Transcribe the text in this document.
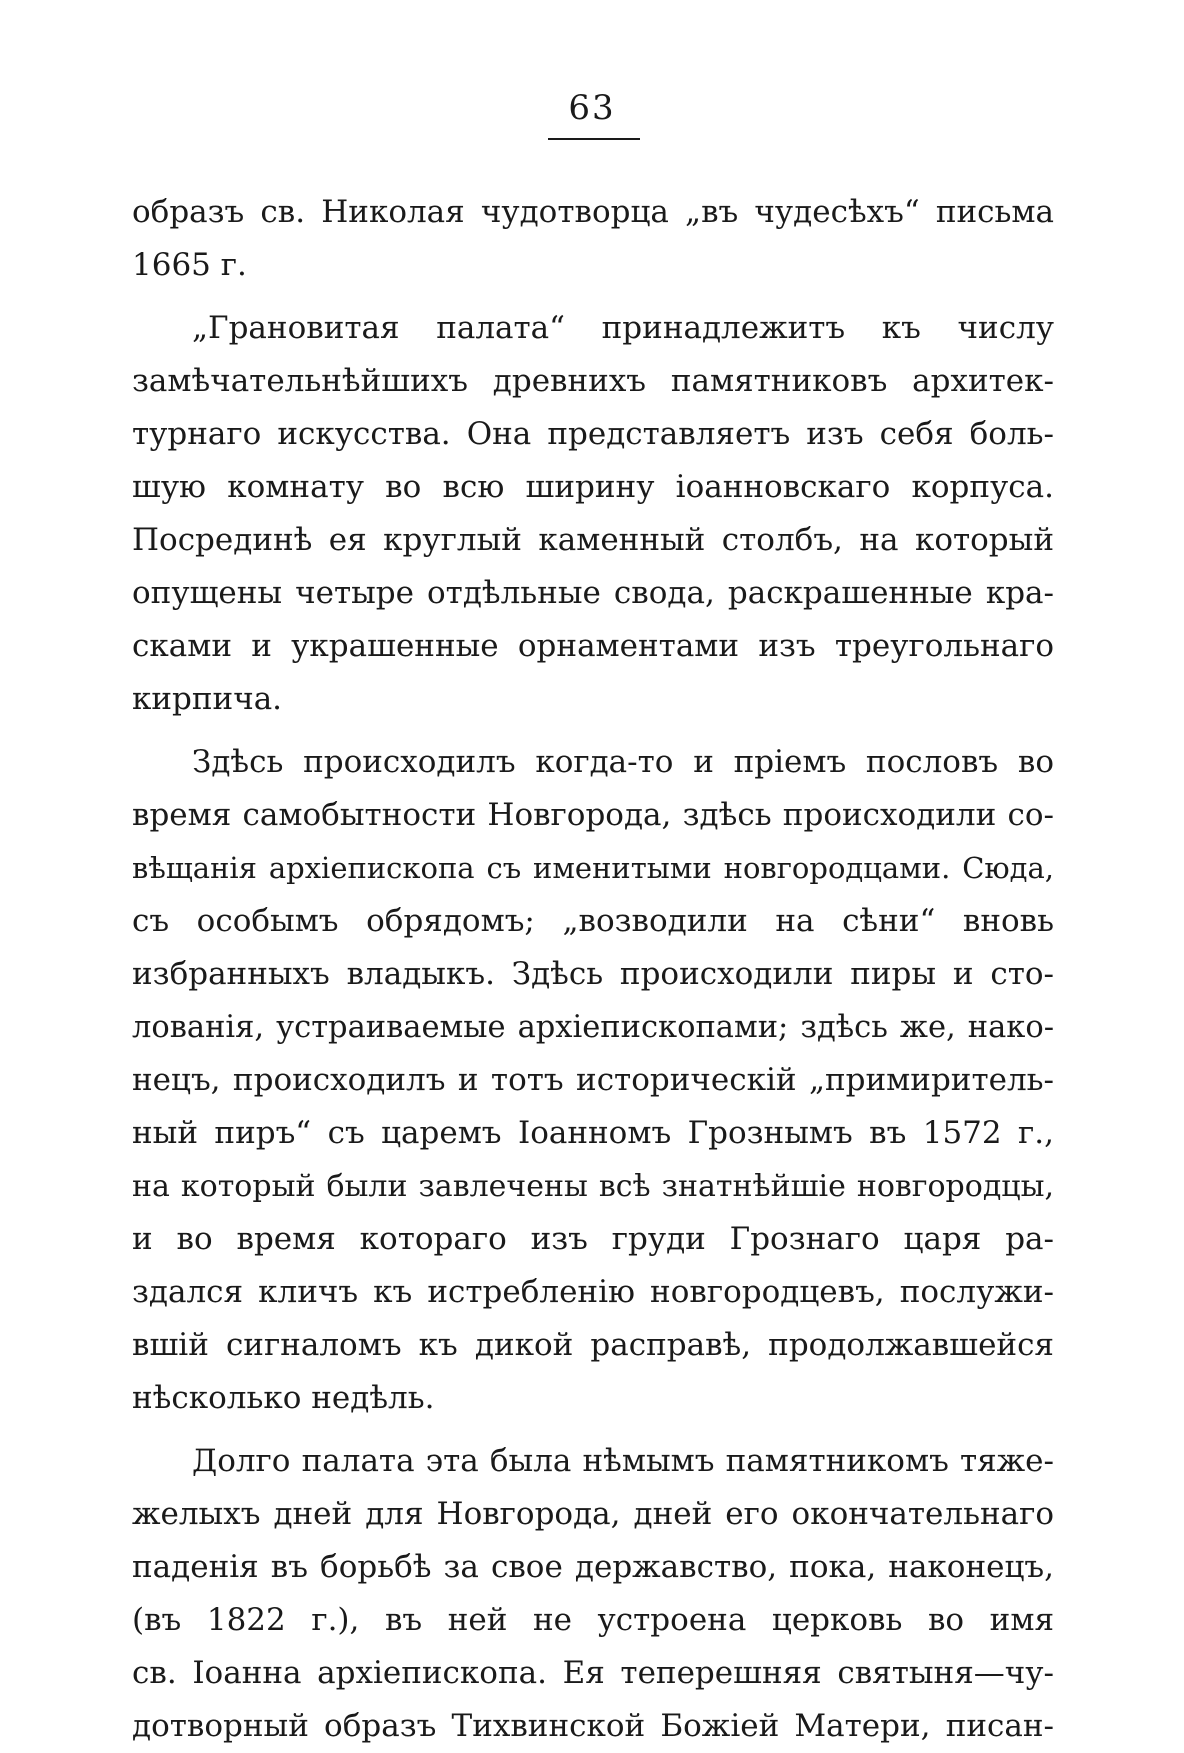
63
образъ св. Николая чудотворца „въ чудесѣхъ“ письма
1665 г.
„Грановитая палата“ принадлежитъ къ числу
замѣчательнѣйшихъ древнихъ памятниковъ архитек-
турнаго искусства. Она представляетъ изъ себя боль-
шую комнату во всю ширину іоанновскаго корпуса.
Посрединѣ ея круглый каменный столбъ, на который
опущены четыре отдѣльные свода, раскрашенные кра-
сками и украшенные орнаментами изъ треугольнаго
кирпича.
Здѣсь происходилъ когда-то и пріемъ пословъ во
время самобытности Новгорода, здѣсь происходили со-
вѣщанія архіепископа съ именитыми новгородцами. Сюда,
съ особымъ обрядомъ; „возводили на сѣни“ вновь
избранныхъ владыкъ. Здѣсь происходили пиры и сто-
лованія, устраиваемые архіепископами; здѣсь же, нако-
нецъ, происходилъ и тотъ историческій „примиритель-
ный пиръ“ съ царемъ Іоанномъ Грознымъ въ 1572 г.,
на который были завлечены всѣ знатнѣйшіе новгородцы,
и во время котораго изъ груди Грознаго царя ра-
здался кличъ къ истребленію новгородцевъ, послужи-
вшій сигналомъ къ дикой расправѣ, продолжавшейся
нѣсколько недѣль.
Долго палата эта была нѣмымъ памятникомъ тяже-
желыхъ дней для Новгорода, дней его окончательнаго
паденія въ борьбѣ за свое державство, пока, наконецъ,
(въ 1822 г.), въ ней не устроена церковь во имя
св. Іоанна архіепископа. Ея теперешняя святыня—чу-
дотворный образъ Тихвинской Божіей Матери, писан-
